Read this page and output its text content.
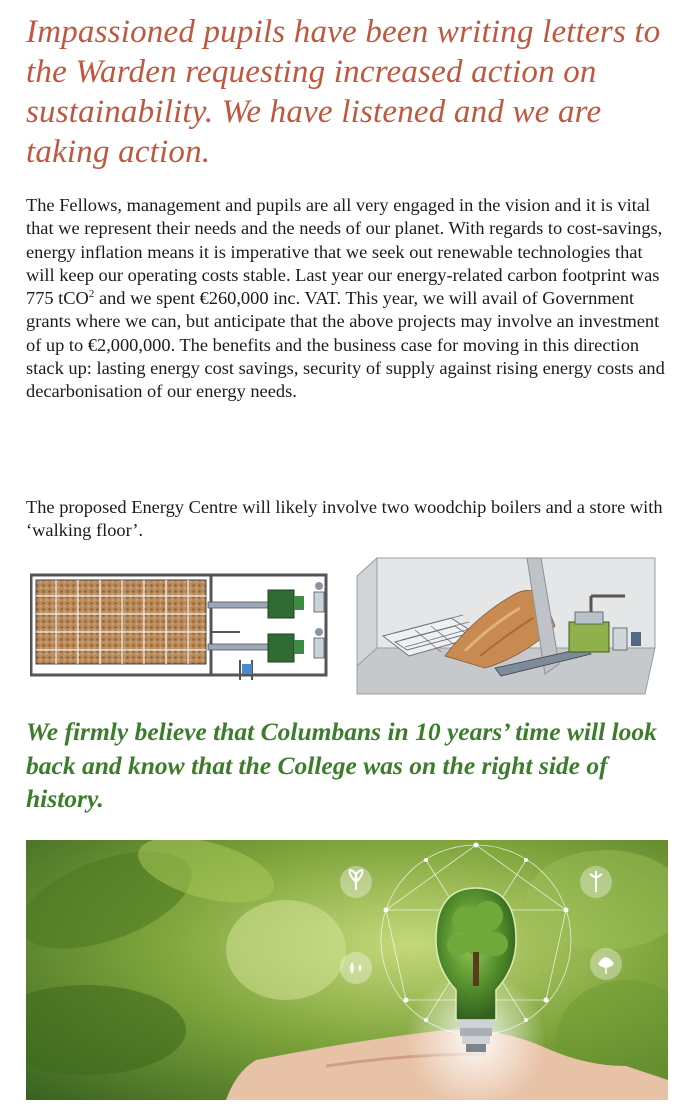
Impassioned pupils have been writing letters to the Warden requesting increased action on sustainability. We have listened and we are taking action.

The Fellows, management and pupils are all very engaged in the vision and it is vital that we represent their needs and the needs of our planet. With regards to cost-savings, energy inflation means it is imperative that we seek out renewable technologies that will keep our operating costs stable. Last year our energy-related carbon footprint was 775 tCO$^2$ and we spent €260,000 inc. VAT. This year, we will avail of Government grants where we can, but anticipate that the above projects may involve an investment of up to €2,000,000. The benefits and the business case for moving in this direction stack up: lasting energy cost savings, security of supply against rising energy costs and decarbonisation of our energy needs.

The proposed Energy Centre will likely involve two woodchip boilers and a store with ‘walking floor’.

We firmly believe that Columbans in 10 years’ time will look back and know that the College was on the right side of history.
